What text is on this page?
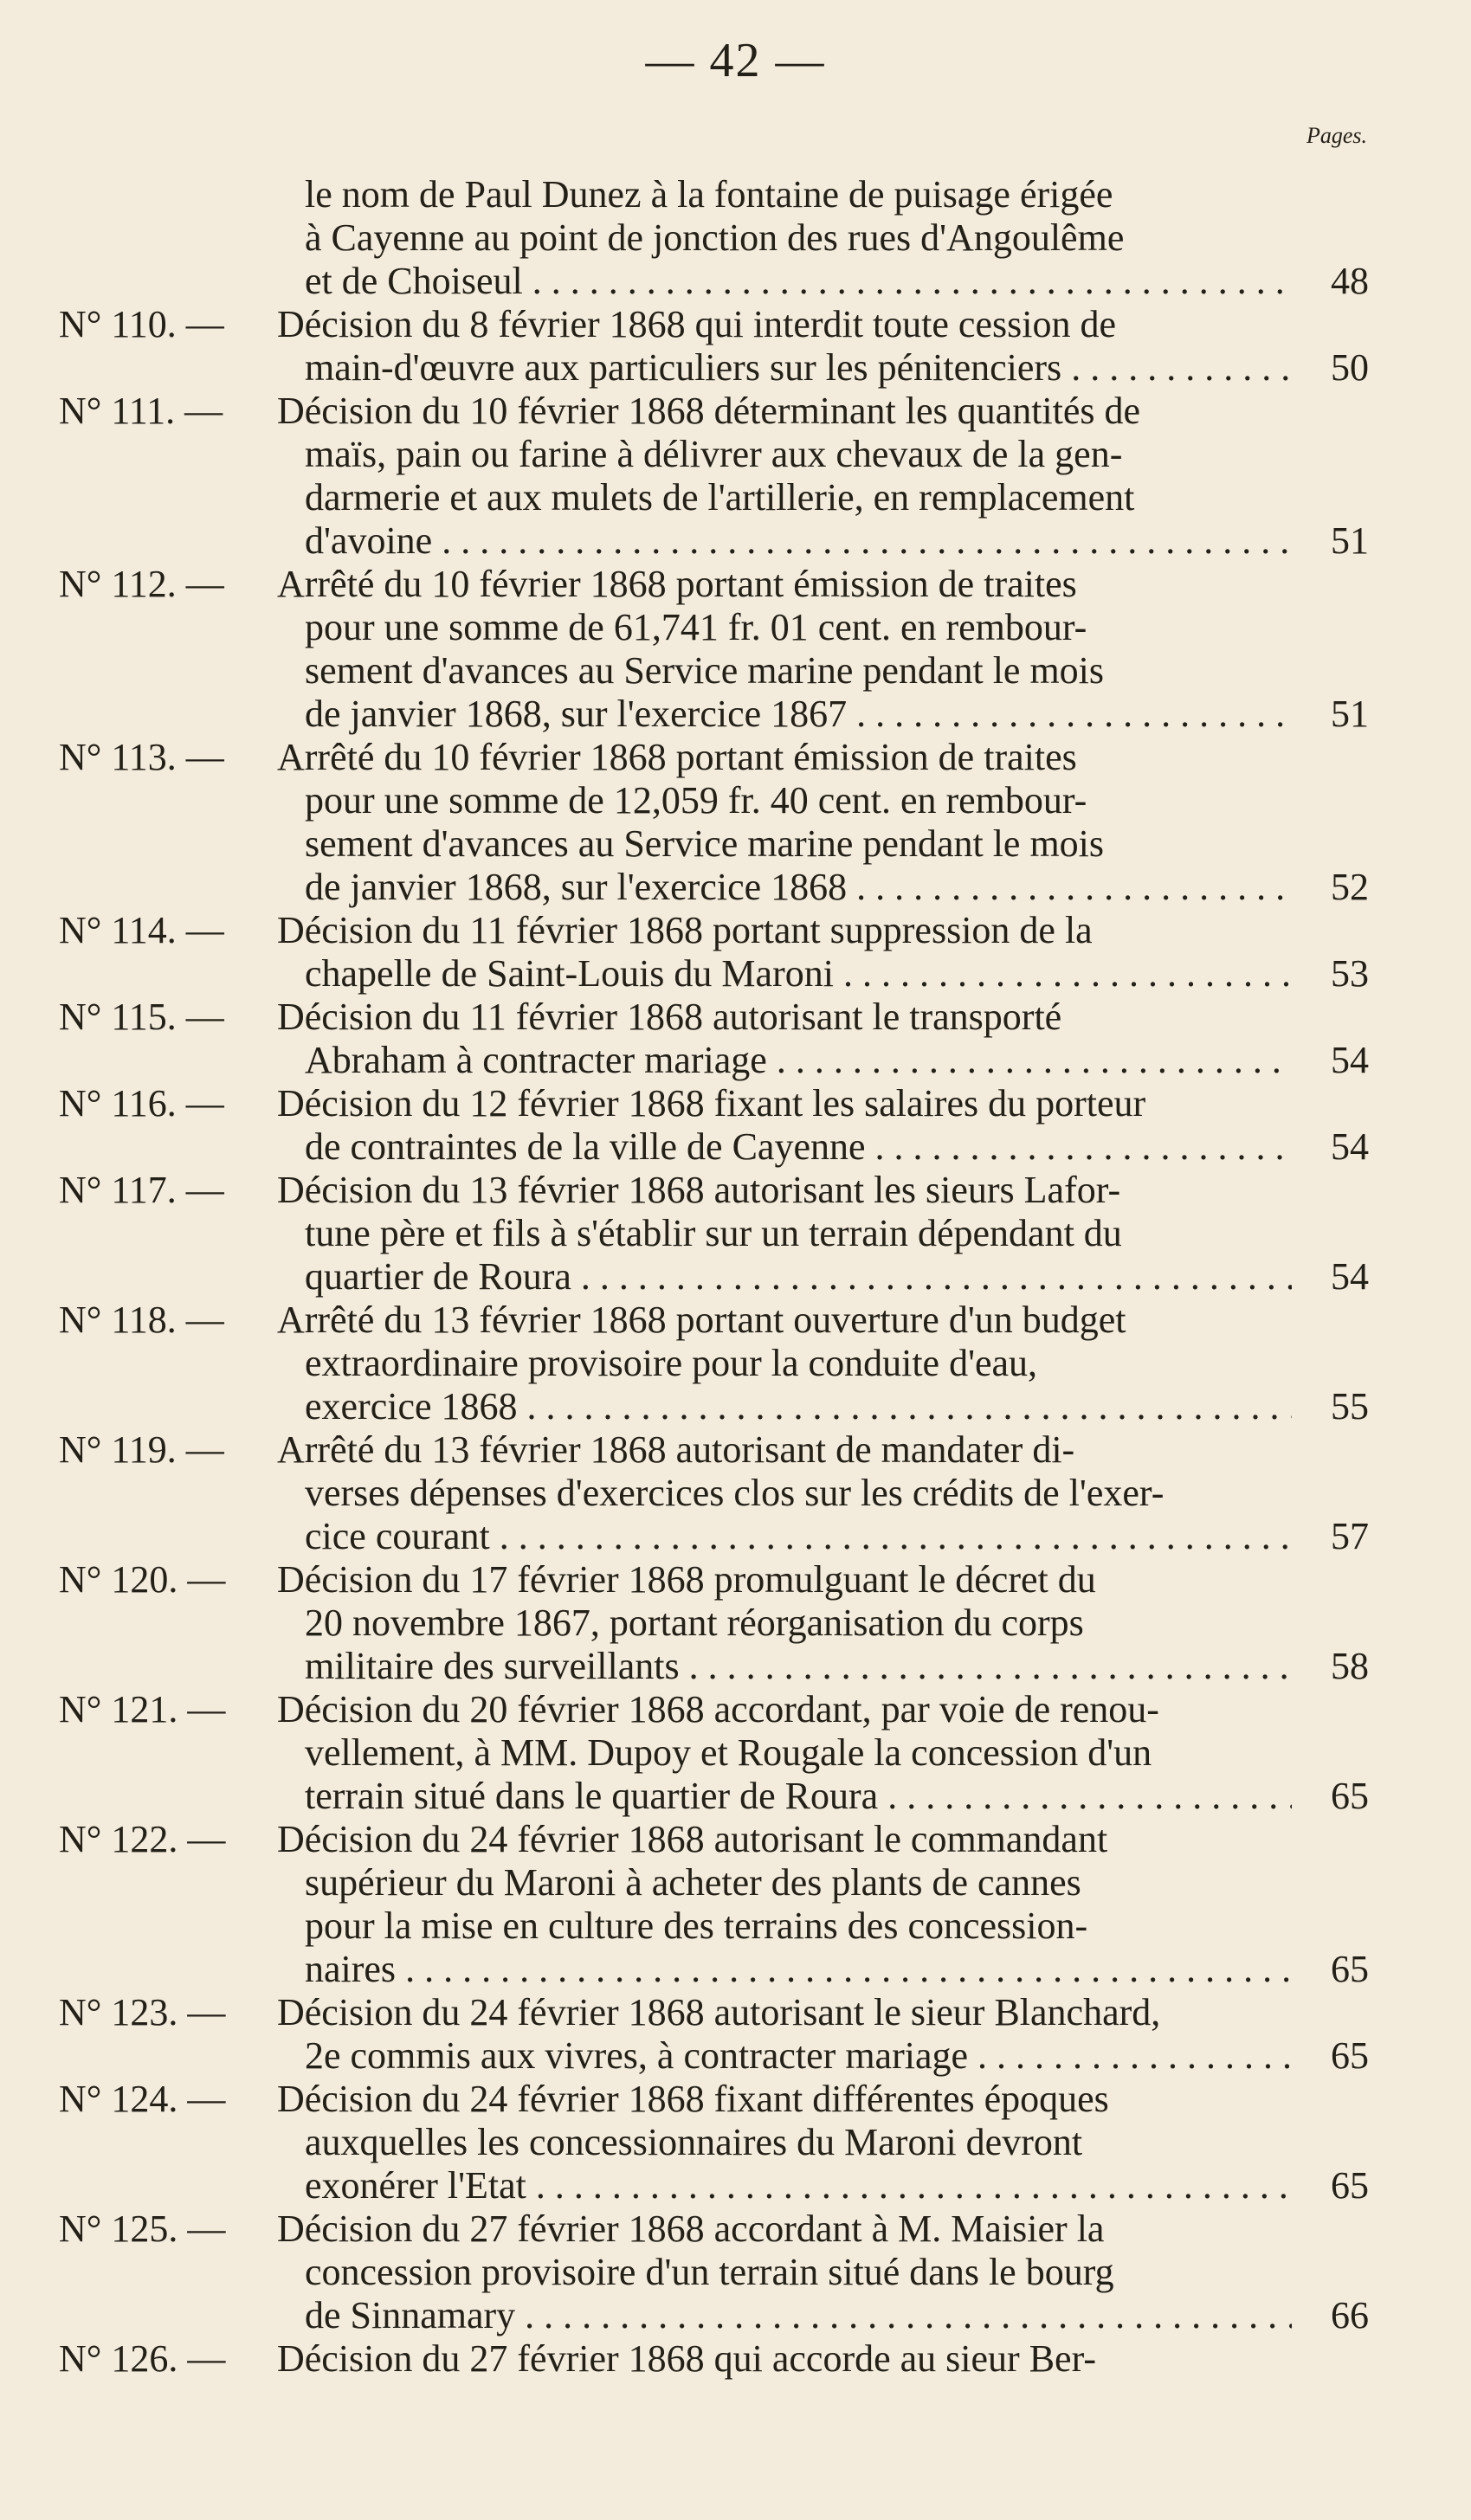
— 42 —
Pages.
le nom de Paul Dunez à la fontaine de puisage érigée
à Cayenne au point de jonction des rues d'Angoulême
et de Choiseul . . .	48
N° 110. — Décision du 8 février 1868 qui interdit toute cession de
main-d'œuvre aux particuliers sur les pénitenciers . . .	50
N° 111. — Décision du 10 février 1868 déterminant les quantités de
maïs, pain ou farine à délivrer aux chevaux de la gen-
darmerie et aux mulets de l'artillerie, en remplacement
d'avoine . . .	51
N° 112. — Arrêté du 10 février 1868 portant émission de traites
pour une somme de 61,741 fr. 01 cent. en rembour-
sement d'avances au Service marine pendant le mois
de janvier 1868, sur l'exercice 1867 . . .	51
N° 113. — Arrêté du 10 février 1868 portant émission de traites
pour une somme de 12,059 fr. 40 cent. en rembour-
sement d'avances au Service marine pendant le mois
de janvier 1868, sur l'exercice 1868 . . .	52
N° 114. — Décision du 11 février 1868 portant suppression de la
chapelle de Saint-Louis du Maroni . . .	53
N° 115. — Décision du 11 février 1868 autorisant le transporté
Abraham à contracter mariage . . .	54
N° 116. — Décision du 12 février 1868 fixant les salaires du porteur
de contraintes de la ville de Cayenne . . .	54
N° 117. — Décision du 13 février 1868 autorisant les sieurs Lafor-
tune père et fils à s'établir sur un terrain dépendant du
quartier de Roura . . .	54
N° 118. — Arrêté du 13 février 1868 portant ouverture d'un budget
extraordinaire provisoire pour la conduite d'eau,
exercice 1868 . . .	55
N° 119. — Arrêté du 13 février 1868 autorisant de mandater di-
verses dépenses d'exercices clos sur les crédits de l'exer-
cice courant . . .	57
N° 120. — Décision du 17 février 1868 promulguant le décret du
20 novembre 1867, portant réorganisation du corps
militaire des surveillants . . .	58
N° 121. — Décision du 20 février 1868 accordant, par voie de renou-
vellement, à MM. Dupoy et Rougale la concession d'un
terrain situé dans le quartier de Roura . . .	65
N° 122. — Décision du 24 février 1868 autorisant le commandant
supérieur du Maroni à acheter des plants de cannes
pour la mise en culture des terrains des concession-
naires . . .	65
N° 123. — Décision du 24 février 1868 autorisant le sieur Blanchard,
2e commis aux vivres, à contracter mariage . . .	65
N° 124. — Décision du 24 février 1868 fixant différentes époques
auxquelles les concessionnaires du Maroni devront
exonérer l'Etat . . .	65
N° 125. — Décision du 27 février 1868 accordant à M. Maisier la
concession provisoire d'un terrain situé dans le bourg
de Sinnamary . . .	66
N° 126. — Décision du 27 février 1868 qui accorde au sieur Ber-
